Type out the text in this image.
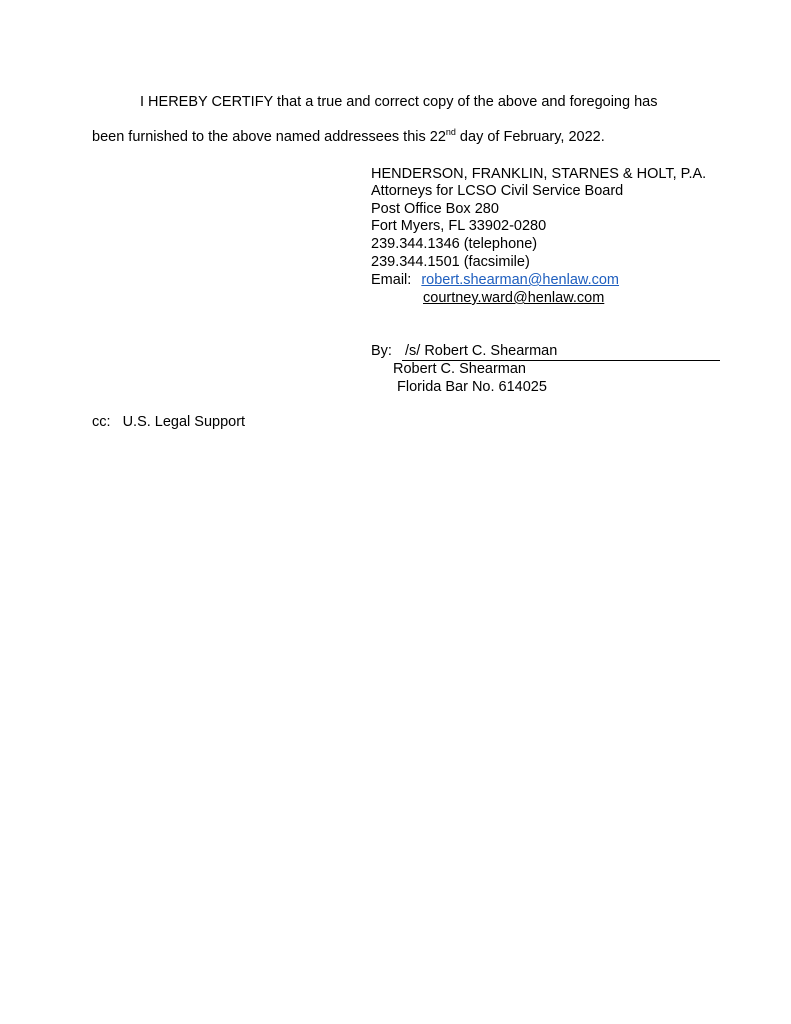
I HEREBY CERTIFY that a true and correct copy of the above and foregoing has
been furnished to the above named addressees this 22nd day of February, 2022.
HENDERSON, FRANKLIN, STARNES & HOLT, P.A.
Attorneys for LCSO Civil Service Board
Post Office Box 280
Fort Myers, FL 33902-0280
239.344.1346 (telephone)
239.344.1501 (facsimile)
Email: robert.shearman@henlaw.com
courtney.ward@henlaw.com
By: /s/ Robert C. Shearman
Robert C. Shearman
Florida Bar No. 614025
cc: U.S. Legal Support
